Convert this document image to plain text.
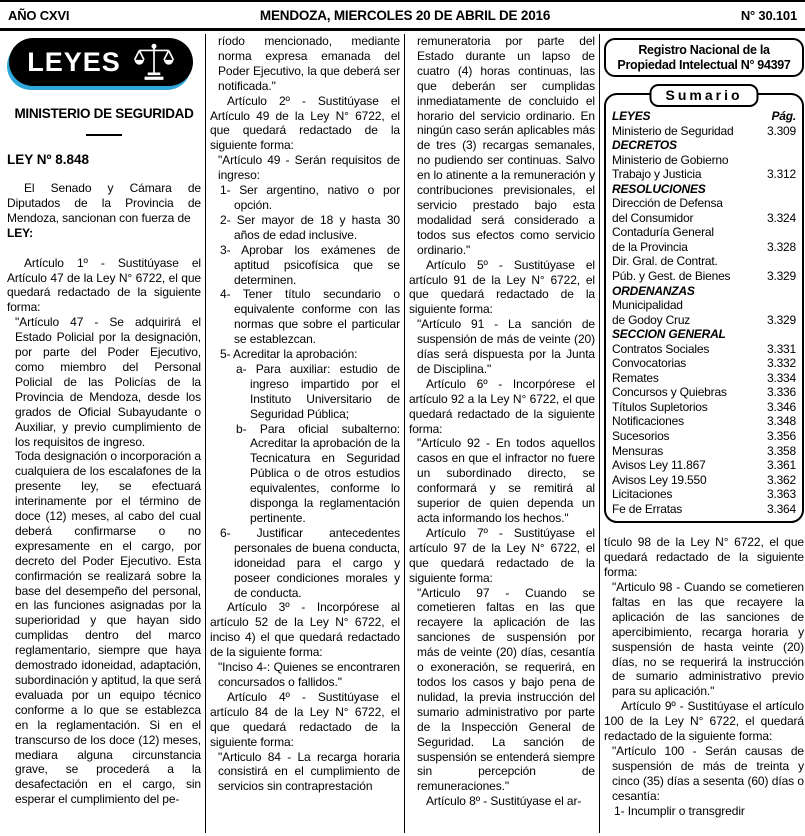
AÑO CXVI	MENDOZA, MIERCOLES 20 DE ABRIL DE 2016	N° 30.101
LEYES
MINISTERIO DE SEGURIDAD
LEY Nº 8.848

El Senado y Cámara de Diputados de la Provincia de Mendoza, sancionan con fuerza de

LEY:

Artículo 1º - Sustitúyase el Artículo 47 de la Ley N° 6722, el que quedará redactado de la siguiente forma:

"Artículo 47 - Se adquirirá el Estado Policial por la designación, por parte del Poder Ejecutivo, como miembro del Personal Policial de las Policías de la Provincia de Mendoza, desde los grados de Oficial Subayudante o Auxiliar, y previo cumplimiento de los requisitos de ingreso.

Toda designación o incorporación a cualquiera de los escalafones de la presente ley, se efectuará interinamente por el término de doce (12) meses, al cabo del cual deberá confirmarse o no expresamente en el cargo, por decreto del Poder Ejecutivo. Esta confirmación se realizará sobre la base del desempeño del personal, en las funciones asignadas por la superioridad y que hayan sido cumplidas dentro del marco reglamentario, siempre que haya demostrado idoneidad, adaptación, subordinación y aptitud, la que será evaluada por un equipo técnico conforme a lo que se establezca en la reglamentación. Si en el transcurso de los doce (12) meses, mediara alguna circunstancia grave, se procederá a la desafectación en el cargo, sin esperar el cumplimiento del pe-

ríodo mencionado, mediante norma expresa emanada del Poder Ejecutivo, la que deberá ser notificada."

Artículo 2º - Sustitúyase el Artículo 49 de la Ley N° 6722, el que quedará redactado de la siguiente forma:

"Artículo 49 - Serán requisitos de ingreso:

1- Ser argentino, nativo o por opción.

2- Ser mayor de 18 y hasta 30 años de edad inclusive.

3- Aprobar los exámenes de aptitud psicofísica que se determinen.

4- Tener título secundario o equivalente conforme con las normas que sobre el particular se establezcan.

5- Acreditar la aprobación:

a- Para auxiliar: estudio de ingreso impartido por el Instituto Universitario de Seguridad Pública;

b- Para oficial subalterno: Acreditar la aprobación de la Tecnicatura en Seguridad Pública o de otros estudios equivalentes, conforme lo disponga la reglamentación pertinente.

6- Justificar antecedentes personales de buena conducta, idoneidad para el cargo y poseer condiciones morales y de conducta.

Artículo 3º - Incorpórese al artículo 52 de la Ley N° 6722, el inciso 4) el que quedará redactado de la siguiente forma:

"Inciso 4-: Quienes se encontraren concursados o fallidos."

Artículo 4º - Sustitúyase el artículo 84 de la Ley N° 6722, el que quedará redactado de la siguiente forma:

"Articulo 84 - La recarga horaria consistirá en el cumplimiento de servicios sin contraprestación

remuneratoria por parte del Estado durante un lapso de cuatro (4) horas continuas, las que deberán ser cumplidas inmediatamente de concluido el horario del servicio ordinario. En ningún caso serán aplicables más de tres (3) recargas semanales, no pudiendo ser continuas. Salvo en lo atinente a la remuneración y contribuciones previsionales, el servicio prestado bajo esta modalidad será considerado a todos sus efectos como servicio ordinario."

Artículo 5º - Sustitúyase el artículo 91 de la Ley N° 6722, el que quedará redactado de la siguiente forma:

"Artículo 91 - La sanción de suspensión de más de veinte (20) días será dispuesta por la Junta de Disciplina."

Artículo 6º - Incorpórese el artículo 92 a la Ley N° 6722, el que quedará redactado de la siguiente forma:

"Artículo 92 - En todos aquellos casos en que el infractor no fuere un subordinado directo, se conformará y se remitirá al superior de quien dependa un acta informando los hechos."

Artículo 7º - Sustitúyase el artículo 97 de la Ley N° 6722, el que quedará redactado de la siguiente forma:

"Articulo 97 - Cuando se cometieren faltas en las que recayere la aplicación de las sanciones de suspensión por más de veinte (20) días, cesantía o exoneración, se requerirá, en todos los casos y bajo pena de nulidad, la previa instrucción del sumario administrativo por parte de la Inspección General de Seguridad. La sanción de suspensión se entenderá siempre sin percepción de remuneraciones."

Artículo 8º - Sustitúyase el ar-

Registro Nacional de la
Propiedad Intelectual N° 94397
Sumario
LEYES	Pág.
Ministerio de Seguridad	3.309
DECRETOS
Ministerio de Gobierno
Trabajo y Justicia	3.312
RESOLUCIONES
Dirección de Defensa
del Consumidor	3.324
Contaduría General
de la Provincia	3.328
Dir. Gral. de Contrat.
Púb. y Gest. de Bienes	3.329
ORDENANZAS
Municipalidad
de Godoy Cruz	3.329
SECCION GENERAL
Contratos Sociales	3.331
Convocatorias	3.332
Remates	3.334
Concursos y Quiebras	3.336
Títulos Supletorios	3.346
Notificaciones	3.348
Sucesorios	3.356
Mensuras	3.358
Avisos Ley 11.867	3.361
Avisos Ley 19.550	3.362
Licitaciones	3.363
Fe de Erratas	3.364

tículo 98 de la Ley N° 6722, el que quedará redactado de la siguiente forma:

"Articulo 98 - Cuando se cometieren faltas en las que recayere la aplicación de las sanciones de apercibimiento, recarga horaria y suspensión de hasta veinte (20) días, no se requerirá la instrucción de sumario administrativo previo para su aplicación."

Artículo 9º - Sustitúyase el artículo 100 de la Ley N° 6722, el quedará redactado de la siguiente forma:

"Artículo 100 - Serán causas de suspensión de más de treinta y cinco (35) días a sesenta (60) días o cesantía:

1- Incumplir o transgredir
